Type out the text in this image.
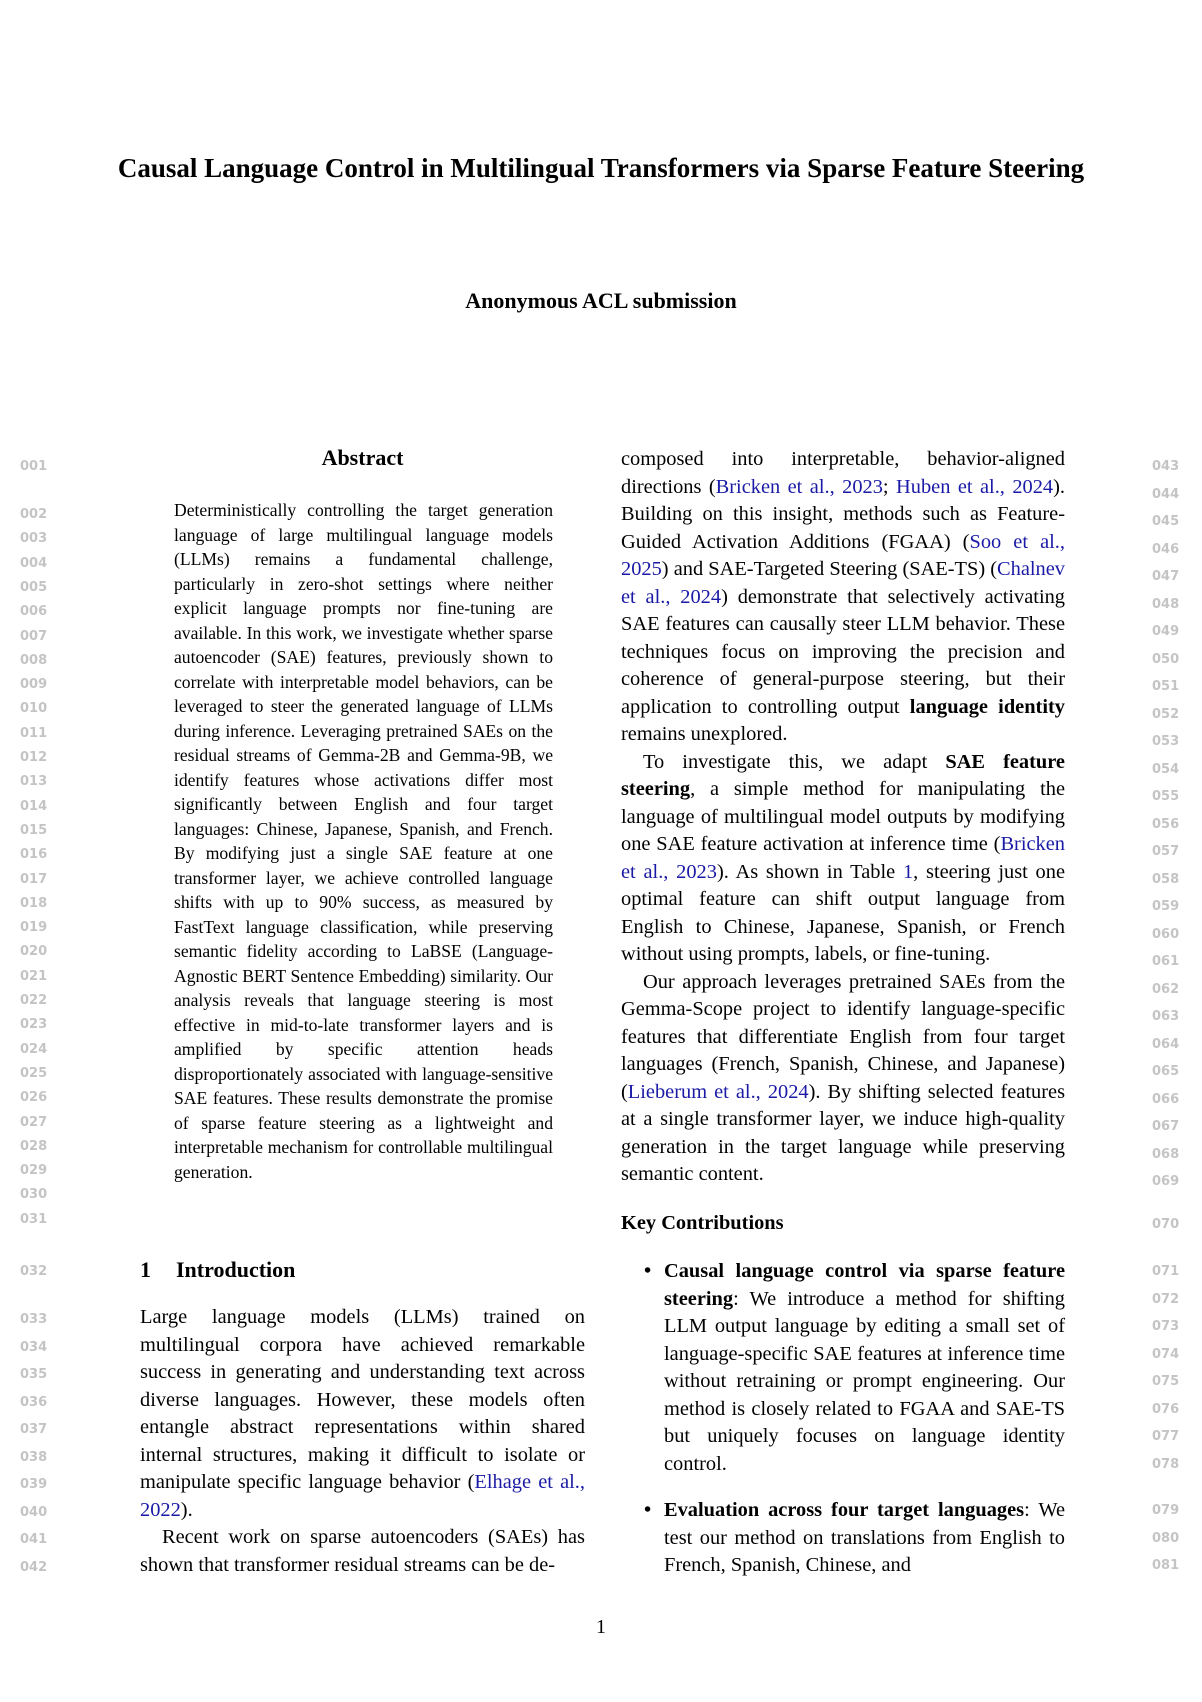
Causal Language Control in Multilingual Transformers via Sparse Feature Steering
Anonymous ACL submission
Abstract
Deterministically controlling the target generation language of large multilingual language models (LLMs) remains a fundamental challenge, particularly in zero-shot settings where neither explicit language prompts nor fine-tuning are available. In this work, we investigate whether sparse autoencoder (SAE) features, previously shown to correlate with interpretable model behaviors, can be leveraged to steer the generated language of LLMs during inference. Leveraging pretrained SAEs on the residual streams of Gemma-2B and Gemma-9B, we identify features whose activations differ most significantly between English and four target languages: Chinese, Japanese, Spanish, and French. By modifying just a single SAE feature at one transformer layer, we achieve controlled language shifts with up to 90% success, as measured by FastText language classification, while preserving semantic fidelity according to LaBSE (Language-Agnostic BERT Sentence Embedding) similarity. Our analysis reveals that language steering is most effective in mid-to-late transformer layers and is amplified by specific attention heads disproportionately associated with language-sensitive SAE features. These results demonstrate the promise of sparse feature steering as a lightweight and interpretable mechanism for controllable multilingual generation.
1 Introduction

Large language models (LLMs) trained on multilingual corpora have achieved remarkable success in generating and understanding text across diverse languages. However, these models often entangle abstract representations within shared internal structures, making it difficult to isolate or manipulate specific language behavior (Elhage et al., 2022).

Recent work on sparse autoencoders (SAEs) has shown that transformer residual streams can be de-

composed into interpretable, behavior-aligned directions (Bricken et al., 2023; Huben et al., 2024). Building on this insight, methods such as Feature-Guided Activation Additions (FGAA) (Soo et al., 2025) and SAE-Targeted Steering (SAE-TS) (Chalnev et al., 2024) demonstrate that selectively activating SAE features can causally steer LLM behavior. These techniques focus on improving the precision and coherence of general-purpose steering, but their application to controlling output language identity remains unexplored.

To investigate this, we adapt SAE feature steering, a simple method for manipulating the language of multilingual model outputs by modifying one SAE feature activation at inference time (Bricken et al., 2023). As shown in Table 1, steering just one optimal feature can shift output language from English to Chinese, Japanese, Spanish, or French without using prompts, labels, or fine-tuning.

Our approach leverages pretrained SAEs from the Gemma-Scope project to identify language-specific features that differentiate English from four target languages (French, Spanish, Chinese, and Japanese) (Lieberum et al., 2024). By shifting selected features at a single transformer layer, we induce high-quality generation in the target language while preserving semantic content.

Key Contributions
• Causal language control via sparse feature steering: We introduce a method for shifting LLM output language by editing a small set of language-specific SAE features at inference time without retraining or prompt engineering. Our method is closely related to FGAA and SAE-TS but uniquely focuses on language identity control.
• Evaluation across four target languages: We test our method on translations from English to French, Spanish, Chinese, and
001
002
003
004
005
006
007
008
009
010
011
012
013
014
015
016
017
018
019
020
021
022
023
024
025
026
027
028
029
030
031
032
033
034
035
036
037
038
039
040
041
042
043
044
045
046
047
048
049
050
051
052
053
054
055
056
057
058
059
060
061
062
063
064
065
066
067
068
069
070
071
072
073
074
075
076
077
078
079
080
081
1
